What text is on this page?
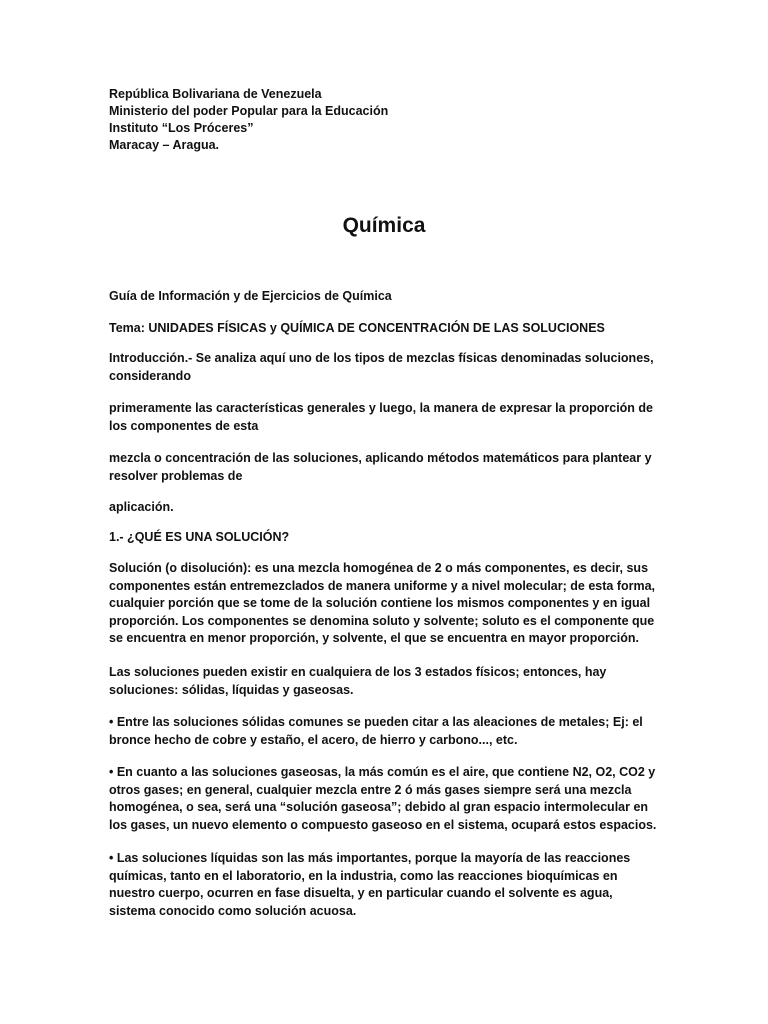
República Bolivariana de Venezuela
Ministerio del poder Popular para la Educación
Instituto “Los Próceres”
Maracay – Aragua.
Química

Guía de Información y de Ejercicios de Química

Tema: UNIDADES FÍSICAS y QUÍMICA DE CONCENTRACIÓN DE LAS SOLUCIONES

Introducción.- Se analiza aquí uno de los tipos de mezclas físicas denominadas soluciones, considerando

primeramente las características generales y luego, la manera de expresar la proporción de los componentes de esta

mezcla o concentración de las soluciones, aplicando métodos matemáticos para plantear y resolver problemas de

aplicación.

1.- ¿QUÉ ES UNA SOLUCIÓN?

Solución (o disolución): es una mezcla homogénea de 2 o más componentes, es decir, sus componentes están entremezclados de manera uniforme y a nivel molecular; de esta forma, cualquier porción que se tome de la solución contiene los mismos componentes y en igual proporción. Los componentes se denomina soluto y solvente; soluto es el componente que se encuentra en menor proporción, y solvente, el que se encuentra en mayor proporción.

Las soluciones pueden existir en cualquiera de los 3 estados físicos; entonces, hay soluciones: sólidas, líquidas y gaseosas.

• Entre las soluciones sólidas comunes se pueden citar a las aleaciones de metales; Ej: el bronce hecho de cobre y estaño, el acero, de hierro y carbono..., etc.

• En cuanto a las soluciones gaseosas, la más común es el aire, que contiene N2, O2, CO2 y otros gases; en general, cualquier mezcla entre 2 ó más gases siempre será una mezcla homogénea, o sea, será una “solución gaseosa”; debido al gran espacio intermolecular en los gases, un nuevo elemento o compuesto gaseoso en el sistema, ocupará estos espacios.

• Las soluciones líquidas son las más importantes, porque la mayoría de las reacciones químicas, tanto en el laboratorio, en la industria, como las reacciones bioquímicas en nuestro cuerpo, ocurren en fase disuelta, y en particular cuando el solvente es agua, sistema conocido como solución acuosa.
